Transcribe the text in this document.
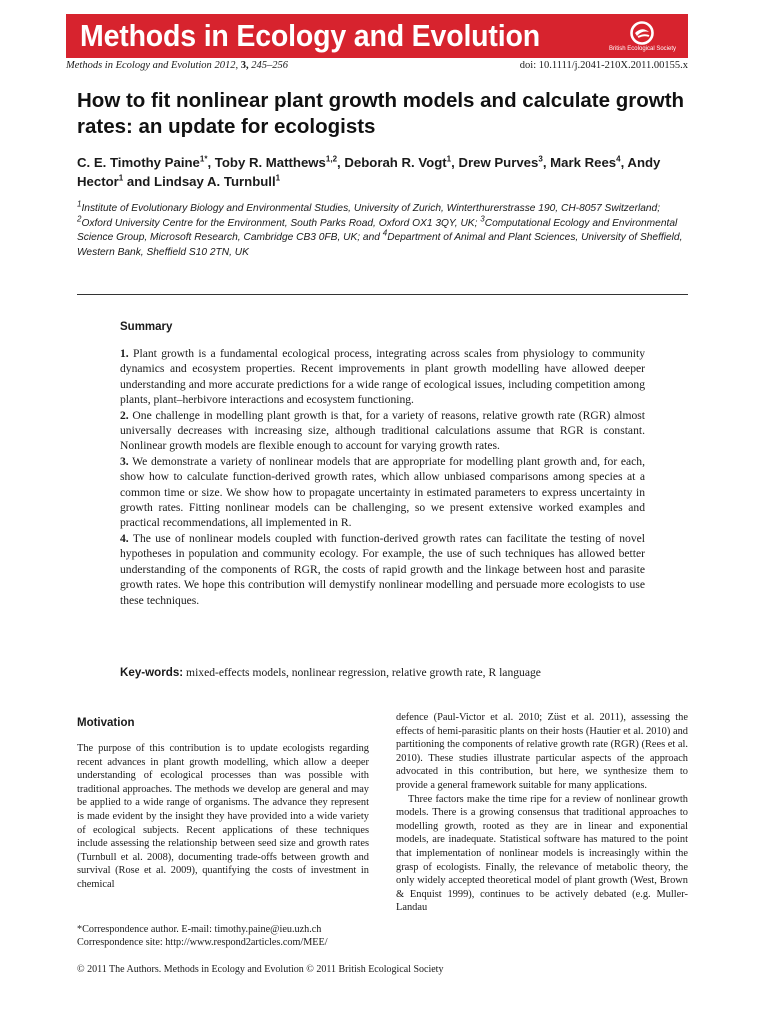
Methods in Ecology and Evolution	British Ecological Society
Methods in Ecology and Evolution 2012, 3, 245–256	doi: 10.1111/j.2041-210X.2011.00155.x
How to fit nonlinear plant growth models and calculate growth rates: an update for ecologists
C. E. Timothy Paine$^{1*}$, Toby R. Matthews$^{1,2}$, Deborah R. Vogt$^1$, Drew Purves$^3$, Mark Rees$^4$, Andy Hector$^1$ and Lindsay A. Turnbull$^1$
$^1$Institute of Evolutionary Biology and Environmental Studies, University of Zurich, Winterthurerstrasse 190, CH-8057 Switzerland; $^2$Oxford University Centre for the Environment, South Parks Road, Oxford OX1 3QY, UK; $^3$Computational Ecology and Environmental Science Group, Microsoft Research, Cambridge CB3 0FB, UK; and $^4$Department of Animal and Plant Sciences, University of Sheffield, Western Bank, Sheffield S10 2TN, UK
Summary

1. Plant growth is a fundamental ecological process, integrating across scales from physiology to community dynamics and ecosystem properties. Recent improvements in plant growth modelling have allowed deeper understanding and more accurate predictions for a wide range of ecological issues, including competition among plants, plant–herbivore interactions and ecosystem functioning.

2. One challenge in modelling plant growth is that, for a variety of reasons, relative growth rate (RGR) almost universally decreases with increasing size, although traditional calculations assume that RGR is constant. Nonlinear growth models are flexible enough to account for varying growth rates.

3. We demonstrate a variety of nonlinear models that are appropriate for modelling plant growth and, for each, show how to calculate function-derived growth rates, which allow unbiased comparisons among species at a common time or size. We show how to propagate uncertainty in estimated parameters to express uncertainty in growth rates. Fitting nonlinear models can be challenging, so we present extensive worked examples and practical recommendations, all implemented in R.

4. The use of nonlinear models coupled with function-derived growth rates can facilitate the testing of novel hypotheses in population and community ecology. For example, the use of such techniques has allowed better understanding of the components of RGR, the costs of rapid growth and the linkage between host and parasite growth rates. We hope this contribution will demystify nonlinear modelling and persuade more ecologists to use these techniques.

Key-words: mixed-effects models, nonlinear regression, relative growth rate, R language
Motivation

The purpose of this contribution is to update ecologists regarding recent advances in plant growth modelling, which allow a deeper understanding of ecological processes than was possible with traditional approaches. The methods we develop are general and may be applied to a wide range of organisms. The advance they represent is made evident by the insight they have provided into a wide variety of ecological subjects. Recent applications of these techniques include assessing the relationship between seed size and growth rates (Turnbull et al. 2008), documenting trade-offs between growth and survival (Rose et al. 2009), quantifying the costs of investment in chemical

defence (Paul-Victor et al. 2010; Züst et al. 2011), assessing the effects of hemi-parasitic plants on their hosts (Hautier et al. 2010) and partitioning the components of relative growth rate (RGR) (Rees et al. 2010). These studies illustrate particular aspects of the approach advocated in this contribution, but here, we synthesize them to provide a general framework suitable for many applications.

Three factors make the time ripe for a review of nonlinear growth models. There is a growing consensus that traditional approaches to modelling growth, rooted as they are in linear and exponential models, are inadequate. Statistical software has matured to the point that implementation of nonlinear models is increasingly within the grasp of ecologists. Finally, the relevance of metabolic theory, the only widely accepted theoretical model of plant growth (West, Brown & Enquist 1999), continues to be actively debated (e.g. Muller-Landau

*Correspondence author. E-mail: timothy.paine@ieu.uzh.ch
Correspondence site: http://www.respond2articles.com/MEE/
© 2011 The Authors. Methods in Ecology and Evolution © 2011 British Ecological Society
